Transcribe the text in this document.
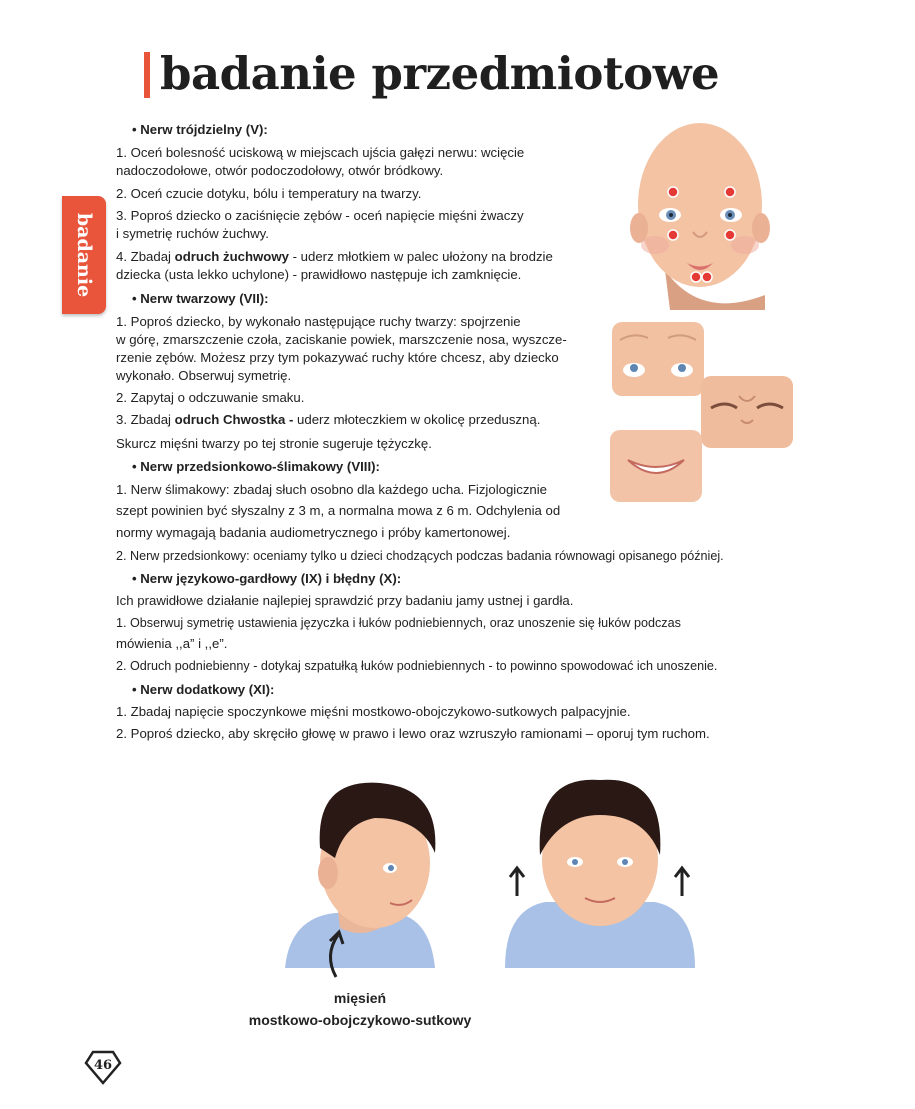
badanie przedmiotowe
badanie
• Nerw trójdzielny (V):
1. Oceń bolesność uciskową w miejscach ujścia gałęzi nerwu: wcięcie
nadoczodołowe, otwór podoczodołowy, otwór bródkowy.
2. Oceń czucie dotyku, bólu i temperatury na twarzy.
3. Poproś dziecko o zaciśnięcie zębów - oceń napięcie mięśni żwaczy
i symetrię ruchów żuchwy.
4. Zbadaj odruch żuchwowy - uderz młotkiem w palec ułożony na brodzie
dziecka (usta lekko uchylone) - prawidłowo następuje ich zamknięcie.
• Nerw twarzowy (VII):
1. Poproś dziecko, by wykonało następujące ruchy twarzy: spojrzenie
w górę, zmarszczenie czoła, zaciskanie powiek, marszczenie nosa, wyszcze-
rzenie zębów. Możesz przy tym pokazywać ruchy które chcesz, aby dziecko
wykonało. Obserwuj symetrię.
2. Zapytaj o odczuwanie smaku.
3. Zbadaj odruch Chwostka - uderz młoteczkiem w okolicę przeduszną.
Skurcz mięśni twarzy po tej stronie sugeruje tężyczkę.
• Nerw przedsionkowo-ślimakowy (VIII):
1. Nerw ślimakowy: zbadaj słuch osobno dla każdego ucha. Fizjologicznie
szept powinien być słyszalny z 3 m, a normalna mowa z 6 m. Odchylenia od
normy wymagają badania audiometrycznego i próby kamertonowej.
2. Nerw przedsionkowy: oceniamy tylko u dzieci chodzących podczas badania równowagi opisanego później.
• Nerw językowo-gardłowy (IX) i błędny (X):
Ich prawidłowe działanie najlepiej sprawdzić przy badaniu jamy ustnej i gardła.
1. Obserwuj symetrię ustawienia języczka i łuków podniebiennych, oraz unoszenie się łuków podczas
mówienia ,,a” i ,,e”.
2. Odruch podniebienny - dotykaj szpatułką łuków podniebiennych - to powinno spowodować ich unoszenie.
• Nerw dodatkowy (XI):
1. Zbadaj napięcie spoczynkowe mięśni mostkowo-obojczykowo-sutkowych palpacyjnie.
2. Poproś dziecko, aby skręciło głowę w prawo i lewo oraz wzruszyło ramionami – oporuj tym ruchom.
mięsień
mostkowo-obojczykowo-sutkowy
46
